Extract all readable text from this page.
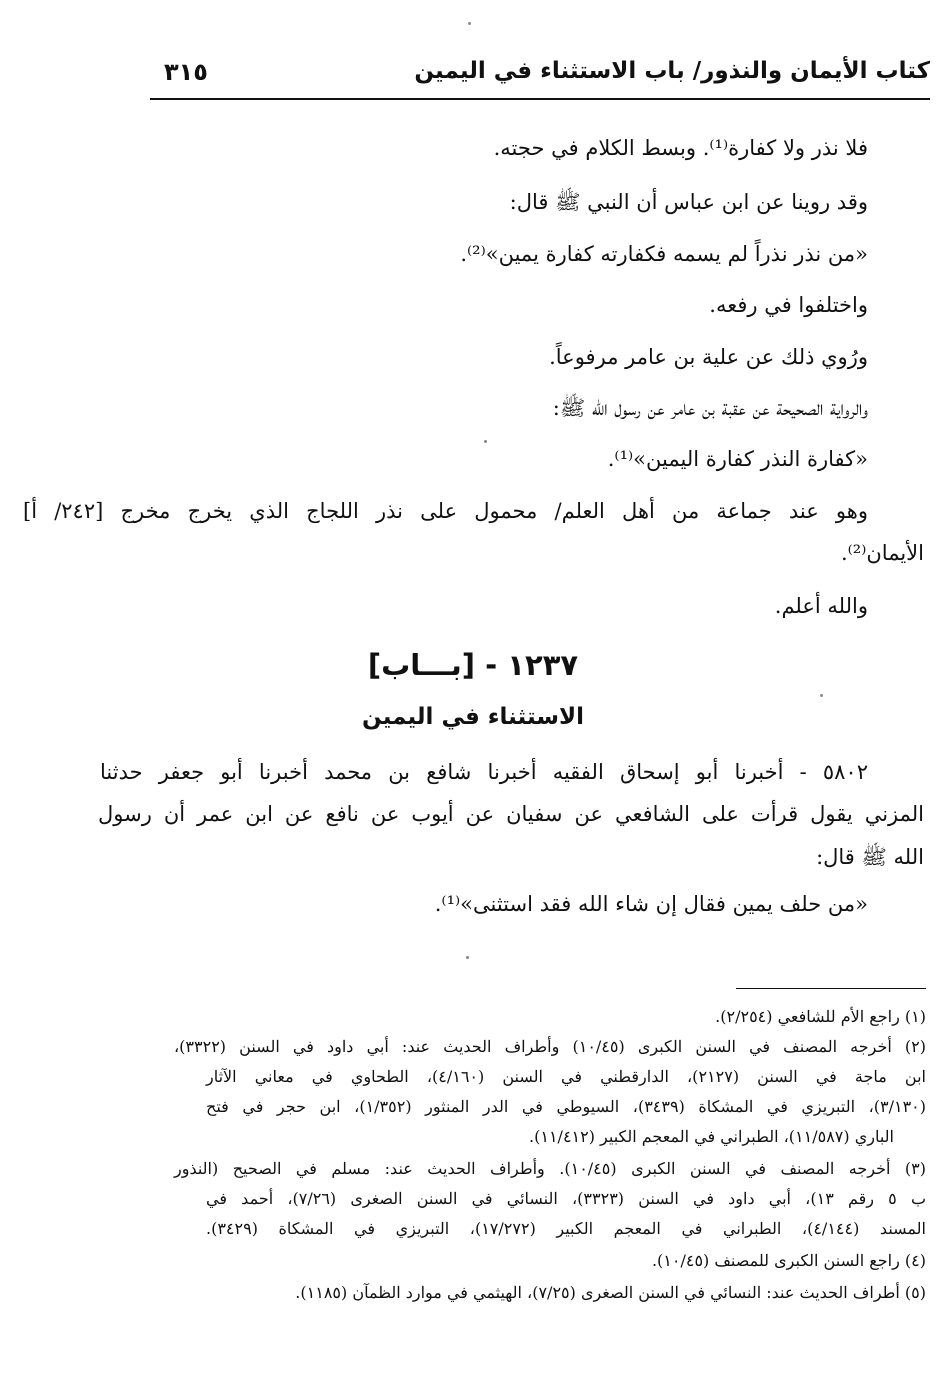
كتاب الأيمان والنذور/ باب الاستثناء في اليمين
٣١٥
فلا نذر ولا كفارة⁽¹⁾. وبسط الكلام في حجته.
وقد روينا عن ابن عباس أن النبي ﷺ قال:
«من نذر نذراً لم يسمه فكفارته كفارة يمين»⁽²⁾.
واختلفوا في رفعه.
ورُوي ذلك عن علية بن عامر مرفوعاً.
والرواية الصحيحة عن عقبة بن عامر عن رسول الله ﷺ:
«كفارة النذر كفارة اليمين»⁽¹⁾.
وهو عند جماعة من أهل العلم/ محمول على نذر اللجاج الذي يخرج مخرج [٢٤٢/ أ]
الأيمان⁽²⁾.
والله أعلم.
١٢٣٧ - [بـــاب]
الاستثناء في اليمين
٥٨٠٢ - أخبرنا أبو إسحاق الفقيه أخبرنا شافع بن محمد أخبرنا أبو جعفر حدثنا
المزني يقول قرأت على الشافعي عن سفيان عن أيوب عن نافع عن ابن عمر أن رسول
الله ﷺ قال:
«من حلف يمين فقال إن شاء الله فقد استثنى»⁽¹⁾.
(١) راجع الأم للشافعي (٢/٢٥٤).
(٢) أخرجه المصنف في السنن الكبرى (١٠/٤٥) وأطراف الحديث عند: أبي داود في السنن (٣٣٢٢)،
ابن ماجة في السنن (٢١٢٧)، الدارقطني في السنن (٤/١٦٠)، الطحاوي في معاني الآثار
(٣/١٣٠)، التبريزي في المشكاة (٣٤٣٩)، السيوطي في الدر المنثور (١/٣٥٢)، ابن حجر في فتح
الباري (١١/٥٨٧)، الطبراني في المعجم الكبير (١١/٤١٢).
(٣) أخرجه المصنف في السنن الكبرى (١٠/٤٥). وأطراف الحديث عند: مسلم في الصحيح (النذور
ب ٥ رقم ١٣)، أبي داود في السنن (٣٣٢٣)، النسائي في السنن الصغرى (٧/٢٦)، أحمد في
المسند (٤/١٤٤)، الطبراني في المعجم الكبير (١٧/٢٧٢)، التبريزي في المشكاة (٣٤٢٩).
(٤) راجع السنن الكبرى للمصنف (١٠/٤٥).
(٥) أطراف الحديث عند: النسائي في السنن الصغرى (٧/٢٥)، الهيثمي في موارد الظمآن (١١٨٥).
